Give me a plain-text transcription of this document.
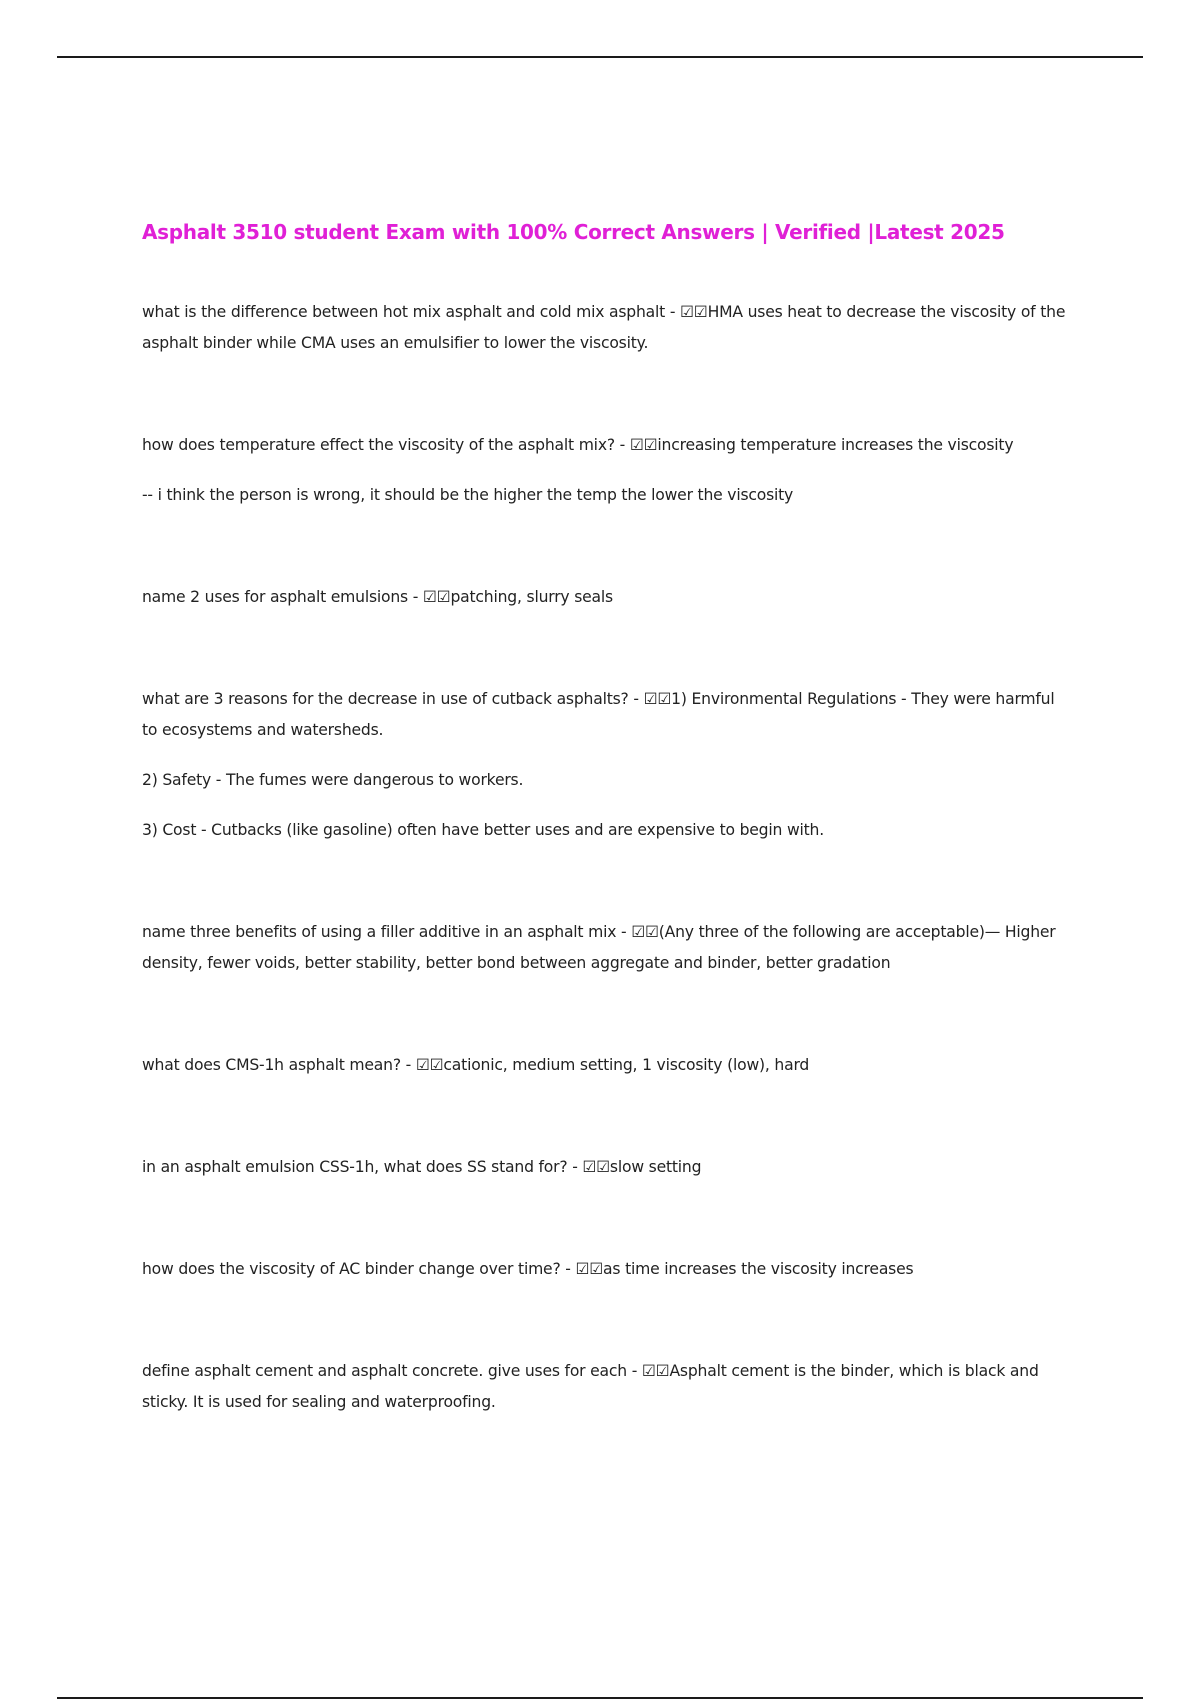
Asphalt 3510 student Exam with 100% Correct Answers | Verified |Latest 2025

what is the difference between hot mix asphalt and cold mix asphalt - ☑☑HMA uses heat to decrease the viscosity of the asphalt binder while CMA uses an emulsifier to lower the viscosity.

how does temperature effect the viscosity of the asphalt mix? - ☑☑increasing temperature increases the viscosity

-- i think the person is wrong, it should be the higher the temp the lower the viscosity

name 2 uses for asphalt emulsions - ☑☑patching, slurry seals

what are 3 reasons for the decrease in use of cutback asphalts? - ☑☑1) Environmental Regulations - They were harmful to ecosystems and watersheds.

2) Safety - The fumes were dangerous to workers.

3) Cost - Cutbacks (like gasoline) often have better uses and are expensive to begin with.

name three benefits of using a filler additive in an asphalt mix - ☑☑(Any three of the following are acceptable)— Higher density, fewer voids, better stability, better bond between aggregate and binder, better gradation

what does CMS-1h asphalt mean? - ☑☑cationic, medium setting, 1 viscosity (low), hard

in an asphalt emulsion CSS-1h, what does SS stand for? - ☑☑slow setting

how does the viscosity of AC binder change over time? - ☑☑as time increases the viscosity increases

define asphalt cement and asphalt concrete. give uses for each - ☑☑Asphalt cement is the binder, which is black and sticky. It is used for sealing and waterproofing.
